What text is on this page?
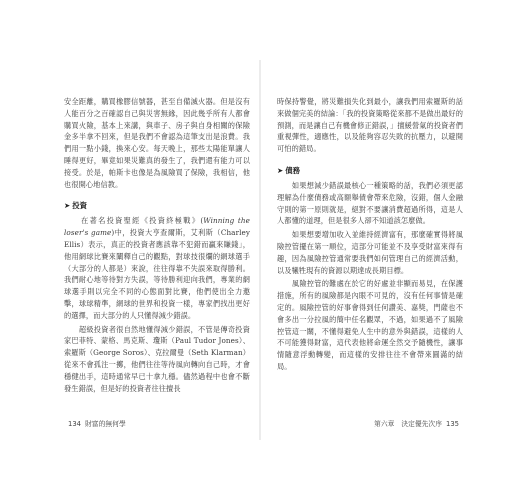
安全距離，購買橡膠信號器，甚至自備滅火器。但是沒有人能百分之百確認自己與災害無緣，因此幾乎所有人都會購買火險，基本上來講，與車子、房子與自身相關的保險金多半拿不回來，但是我們不會認為這筆支出是浪費。我們用一點小錢，換來心安。每天晚上，那些太陽能單讓人睡得更好，畢竟如果災難真的發生了，我們還有能力可以接受。於是，帕斯卡也像是為風險買了保險，我相信，他也很開心地信教。

➤ 投資

　　在著名投資聖經《投資終極戰》(Winning the loser's game)中，投資大亨查爾斯，艾利斯（Charley Ellis）表示，真正的投資者應該靠不犯錯而贏來賺錢」，他用網球比賽來闡釋自己的觀點，對球技很爛的網球選手（大部分的人都是）來說，往往得靠不失誤來取得勝利。我們耐心地等待對方失誤，等待勝利迎向我們，專業的網球選手則以完全不同的心態面對比賽，他們使出全力邀擊，球球精準，網球的世界和投資一樣，專家們找出更好的選擇，而大部分的人只懂得減少錯誤。

　　超級投資者很自然地懂得減少錯誤，不管是傳奇投資家巴菲特、蒙格、馬克斯、瓊斯（Paul Tudor Jones）、索羅斯（George Soros）、克拉爾曼（Seth Klarman）從來不會孤注一擲，他們往往等待風向轉向自己時，才會穩健出手，這時通常早已十拿九穩。儘然過程中也會不斷發生錯誤，但是好的投資者往往擅長

時保持警覺，將災難損失化到最小，讓我們用索羅斯的話來做個完美的結論：「我的投資策略從來都不是做出最好的預測，而是讓自己有機會修正錯誤，」擅緩營氣的投資者們重視彈性，適應性，以及能夠容忍失敗的抗壓力，以避開可怕的錯局。

➤ 債務

　　如果想減少錯誤最核心一種策略的話，我們必須更認理解為什麼債務或高額舉債會帶來危險，沒錯，個人金融守則的第一原則就是，絕對不要讓消費超過所得，這是人人都懂的道理，但是很多人卻不知道該怎麼做。

　　如果想要增加收入並維持經濟富有，那麼確實得將風險控管擺在第一順位，這部分可能並不及享受財富來得有趣，因為風險控管通常要我們如何管理自己的經濟活動，以及犧牲現有的資源以期達成長期目標。

　　風險控管的難處在於它的好處並非顯而易見，在保護措施，所有的風險都是內眼不可見的，沒有任何事情是確定的。風險控管的好事會得到任何讚美、嘉獎，門薩也不會多出一分拉風的簡中任名觀眾，不過，如果過不了風險控管這一關，不懂得避免人生中的意外與錯誤，這樣的人不可能獲得財富，這代表他將命運全然交予隨機性，讓事情隨意浮動轉變，而這樣的安排往往不會帶來圓滿的結局。

134 財富的無何學	第六章　決定優先次序 135
